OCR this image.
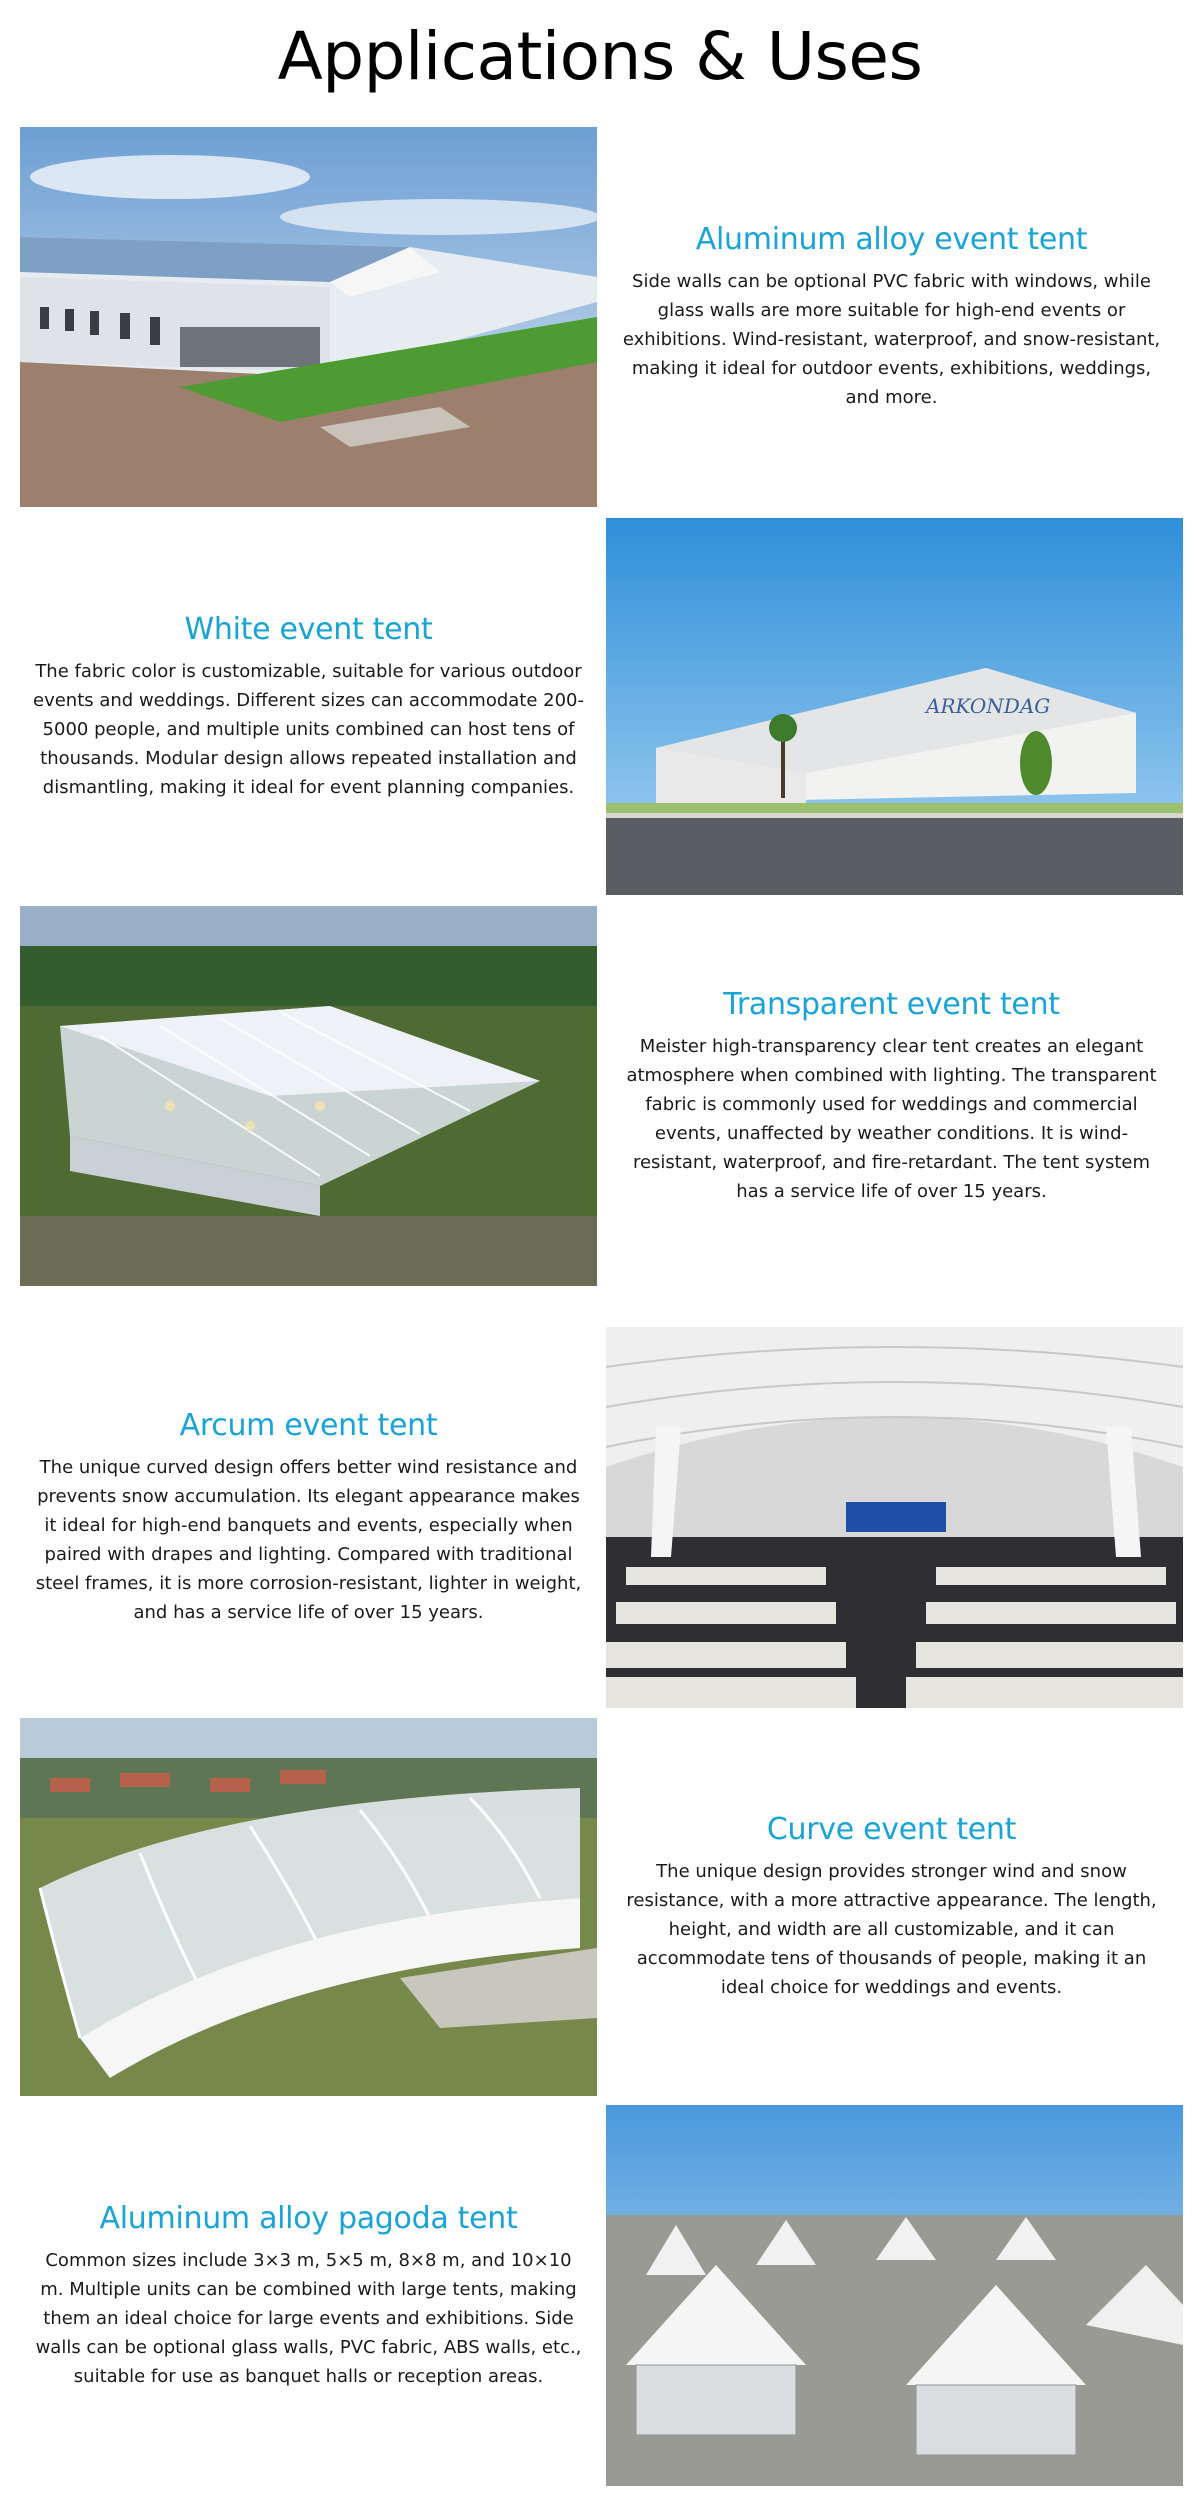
Applications & Uses
Aluminum alloy event tent

Side walls can be optional PVC fabric with windows, while glass walls are more suitable for high-end events or exhibitions. Wind-resistant, waterproof, and snow-resistant, making it ideal for outdoor events, exhibitions, weddings, and more.

White event tent

The fabric color is customizable, suitable for various outdoor events and weddings. Different sizes can accommodate 200-5000 people, and multiple units combined can host tens of thousands. Modular design allows repeated installation and dismantling, making it ideal for event planning companies.

ARKONDAG
Transparent event tent

Meister high-transparency clear tent creates an elegant atmosphere when combined with lighting. The transparent fabric is commonly used for weddings and commercial events, unaffected by weather conditions. It is wind-resistant, waterproof, and fire-retardant. The tent system has a service life of over 15 years.

Arcum event tent

The unique curved design offers better wind resistance and prevents snow accumulation. Its elegant appearance makes it ideal for high-end banquets and events, especially when paired with drapes and lighting. Compared with traditional steel frames, it is more corrosion-resistant, lighter in weight, and has a service life of over 15 years.

Curve event tent

The unique design provides stronger wind and snow resistance, with a more attractive appearance. The length, height, and width are all customizable, and it can accommodate tens of thousands of people, making it an ideal choice for weddings and events.

Aluminum alloy pagoda tent

Common sizes include 3×3 m, 5×5 m, 8×8 m, and 10×10 m. Multiple units can be combined with large tents, making them an ideal choice for large events and exhibitions. Side walls can be optional glass walls, PVC fabric, ABS walls, etc., suitable for use as banquet halls or reception areas.
